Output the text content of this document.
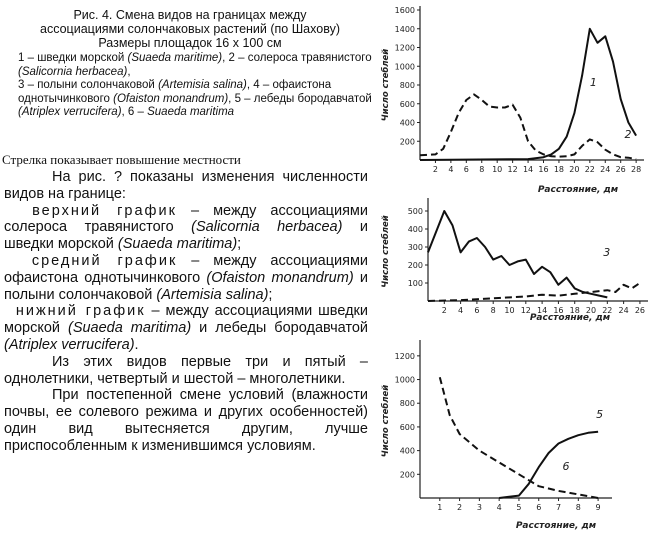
Рис. 4. Смена видов на границах между
ассоциациями солончаковых растений (по Шахову)
Размеры площадок 16 х 100 см
1 – шведки морской (Suaeda maritime), 2 – солероса травянистого (Salicornia herbacea),
3 – полыни солончаковой (Artemisia salina), 4 – офаистона однотычинкового (Ofaiston monandrum), 5 – лебеды бородавчатой (Atriplex verrucifera), 6 – Suaeda maritima
Стрелка показывает повышение местности

На рис. ? показаны изменения численности видов на границе:

верхний график – между ассоциациями солероса травянистого (Salicornia herbacea) и шведки морской (Suaeda maritima);

средний график – между ассоциациями офаистона однотычинкового (Ofaiston monandrum) и полыни солончаковой (Artemisia salina);

нижний график – между ассоциациями шведки морской (Suaeda maritima) и лебеды бородавчатой (Atriplex verrucifera).

Из этих видов первые три и пятый – однолетники, четвертый и шестой – многолетники.

При постепенной смене условий (влажности почвы, ее солевого режима и других особенностей) один вид вытесняется другим, лучше приспособленным к изменившимся условиям.

200
400
600
800
1000
1200
1400
1600
2 4 6 8 10 12 14 16 18 20 22 24 26 28
Число стеблей
Расстояние, дм
1
2
100
200
300
400
500
2 4 6 8 10 12 14 16 18 20 22 24 26
Число стеблей
Расстояние, дм
3
200
400
600
800
1000
1200
1 2 3 4 5 6 7 8 9
Число стеблей
Расстояние, дм
5
6
